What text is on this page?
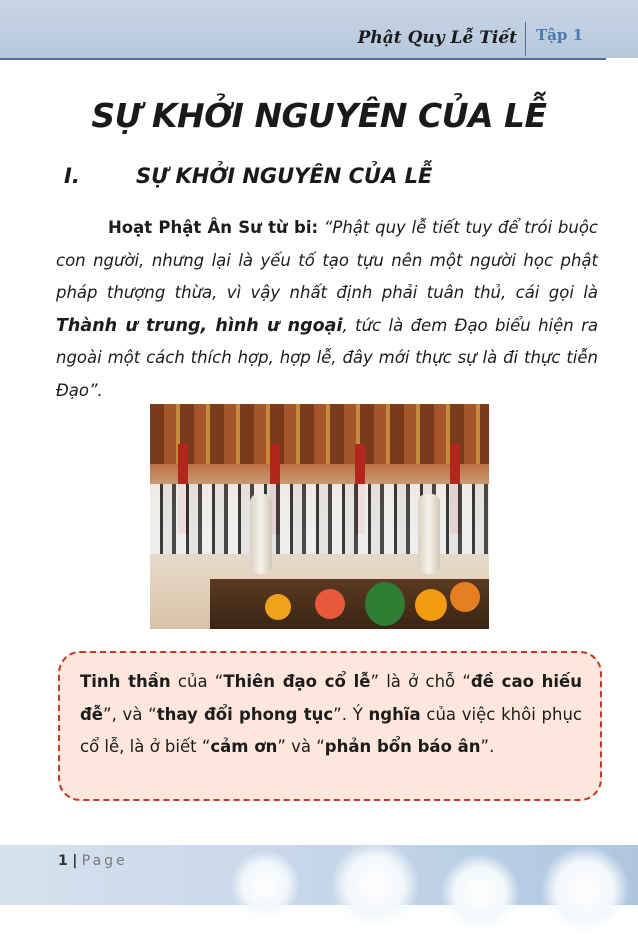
Phật Quy Lễ Tiết Tập 1
SỰ KHỞI NGUYÊN CỦA LỄ
I.	SỰ KHỞI NGUYÊN CỦA LỄ
Hoạt Phật Ân Sư từ bi: “Phật quy lễ tiết tuy để trói buộc con người, nhưng lại là yếu tố tạo tựu nên một người học phật pháp thượng thừa, vì vậy nhất định phải tuân thủ, cái gọi là Thành ư trung, hình ư ngoại, tức là đem Đạo biểu hiện ra ngoài một cách thích hợp, hợp lễ, đây mới thực sự là đi thực tiễn Đạo”.
Tinh thần của “Thiên đạo cổ lễ” là ở chỗ “đề cao hiếu đễ”, và “thay đổi phong tục”. Ý nghĩa của việc khôi phục cổ lễ, là ở biết “cảm ơn” và “phản bổn báo ân”.
1 | Page
